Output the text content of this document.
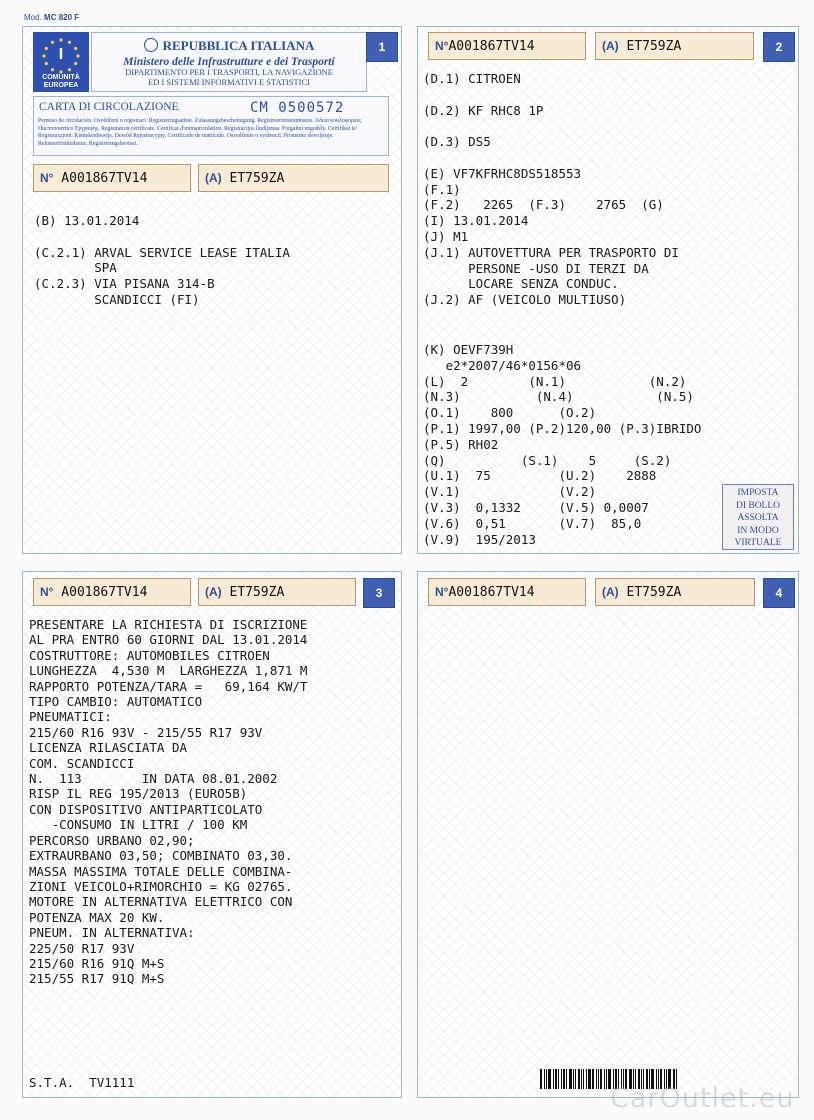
Mod. MC 820 F
I
COMUNITÀ
EUROPEA
REPUBBLICA ITALIANA
Ministero delle Infrastrutture e dei Trasporti
DIPARTIMENTO PER I TRASPORTI, LA NAVIGAZIONE
ED I SISTEMI INFORMATIVI E STATISTICI
1
CARTA DI CIRCOLAZIONE	CM 0500572
Permiso de circulación. Osvědčení o registraci. Registreringsattest. Zulassungsbescheinigung. Registreerimistunnistus. Άδεια κυκλοφορίας. Пистoпoитпсo Εγγραφής. Registration certificate. Certificat d'immatriculation. Registracijos liudijimas. Forgalmi engedély. Certifikat ta' Registrazzjoni. Kentekenbewijs. Dowód Rejestracyjny. Certificado de matrícula. Osvedčenie o evidencii. Prometno dovoljenje. Rekisteröintitodistus. Registreringsbeviset.
N° A001867TV14	(A) ET759ZA
(B) 13.01.2014

(C.2.1) ARVAL SERVICE LEASE ITALIA
SPA
(C.2.3) VIA PISANA 314-B
SCANDICCI (FI)
N°A001867TV14	(A) ET759ZA	2
(D.1) CITROEN

(D.2) KF RHC8 1P

(D.3) DS5

(E) VF7KFRHC8DS518553
(F.1)
(F.2)   2265  (F.3)    2765  (G)
(I) 13.01.2014
(J) M1
(J.1) AUTOVETTURA PER TRASPORTO DI
PERSONE -USO DI TERZI DA
LOCARE SENZA CONDUC.
(J.2) AF (VEICOLO MULTIUSO)
(K) OEVF739H
e2*2007/46*0156*06
(L)  2        (N.1)           (N.2)
(N.3)          (N.4)           (N.5)
(O.1)    800      (O.2)
(P.1) 1997,00 (P.2)120,00 (P.3)IBRIDO
(P.5) RH02
(Q)          (S.1)    5     (S.2)
(U.1)  75         (U.2)    2888
(V.1)             (V.2)
(V.3)  0,1332     (V.5) 0,0007
(V.6)  0,51       (V.7)  85,0
(V.9)  195/2013
IMPOSTA
DI BOLLO
ASSOLTA
IN MODO
VIRTUALE
N° A001867TV14	(A) ET759ZA	3
PRESENTARE LA RICHIESTA DI ISCRIZIONE
AL PRA ENTRO 60 GIORNI DAL 13.01.2014
COSTRUTTORE: AUTOMOBILES CITROEN
LUNGHEZZA  4,530 M  LARGHEZZA 1,871 M
RAPPORTO POTENZA/TARA =   69,164 KW/T
TIPO CAMBIO: AUTOMATICO
PNEUMATICI:
215/60 R16 93V - 215/55 R17 93V
LICENZA RILASCIATA DA
COM. SCANDICCI
N.  113        IN DATA 08.01.2002
RISP IL REG 195/2013 (EURO5B)
CON DISPOSITIVO ANTIPARTICOLATO
-CONSUMO IN LITRI / 100 KM
PERCORSO URBANO 02,90;
EXTRAURBANO 03,50; COMBINATO 03,30.
MASSA MASSIMA TOTALE DELLE COMBINA-
ZIONI VEICOLO+RIMORCHIO = KG 02765.
MOTORE IN ALTERNATIVA ELETTRICO CON
POTENZA MAX 20 KW.
PNEUM. IN ALTERNATIVA:
225/50 R17 93V
215/60 R16 91Q M+S
215/55 R17 91Q M+S
S.T.A.  TV1111
N°A001867TV14	(A) ET759ZA	4
CarOutlet.eu
